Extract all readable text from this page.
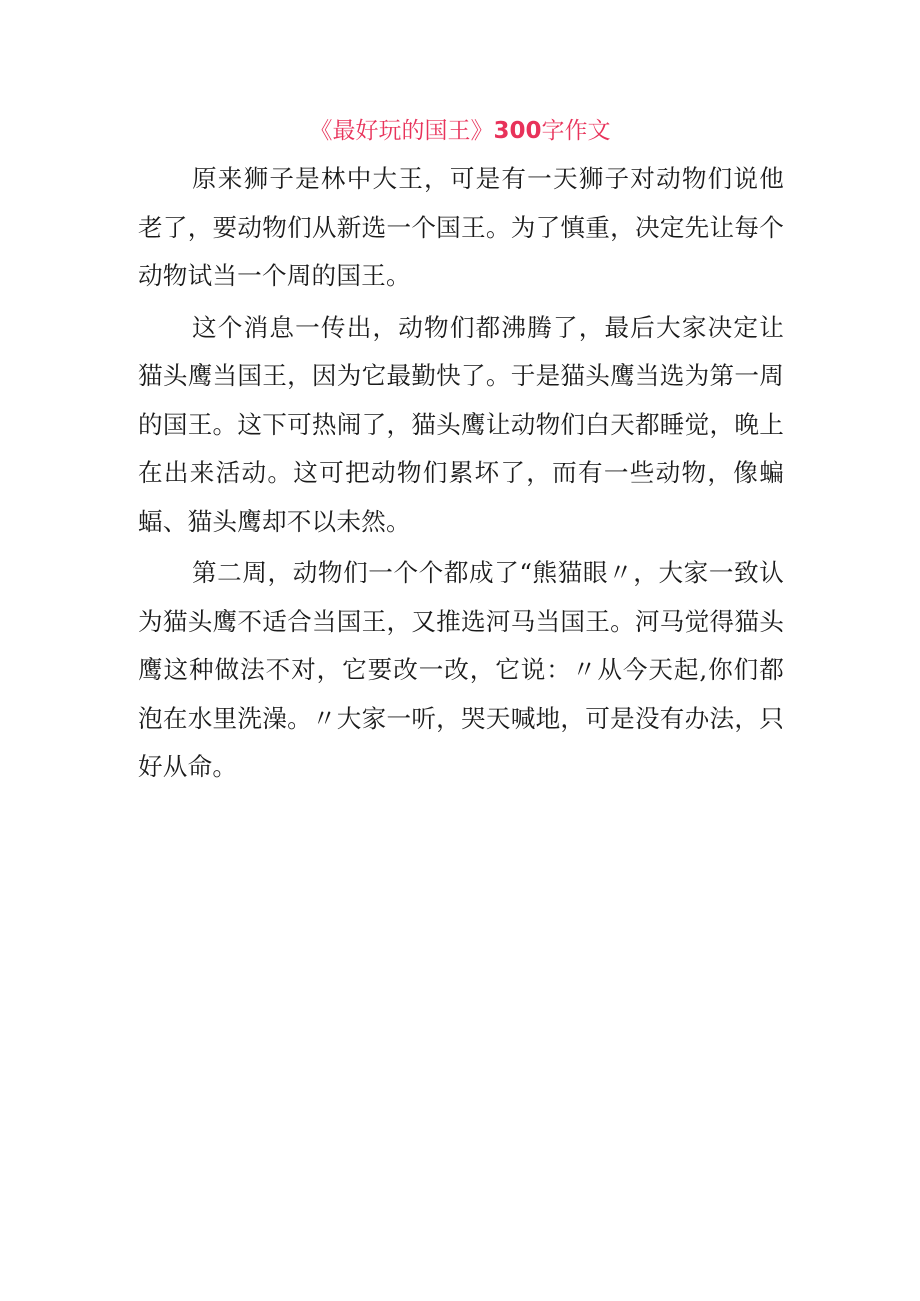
《最好玩的国王》300字作文

原来狮子是林中大王，可是有一天狮子对动物们说他老了，要动物们从新选一个国王。为了慎重，决定先让每个动物试当一个周的国王。

这个消息一传出，动物们都沸腾了，最后大家决定让猫头鹰当国王，因为它最勤快了。于是猫头鹰当选为第一周的国王。这下可热闹了，猫头鹰让动物们白天都睡觉，晚上在出来活动。这可把动物们累坏了，而有一些动物，像蝙蝠、猫头鹰却不以未然。

第二周，动物们一个个都成了“熊猫眼〃，大家一致认为猫头鹰不适合当国王，又推选河马当国王。河马觉得猫头鹰这种做法不对，它要改一改，它说：〃从今天起,你们都泡在水里洗澡。〃大家一听，哭天喊地，可是没有办法，只好从命。
